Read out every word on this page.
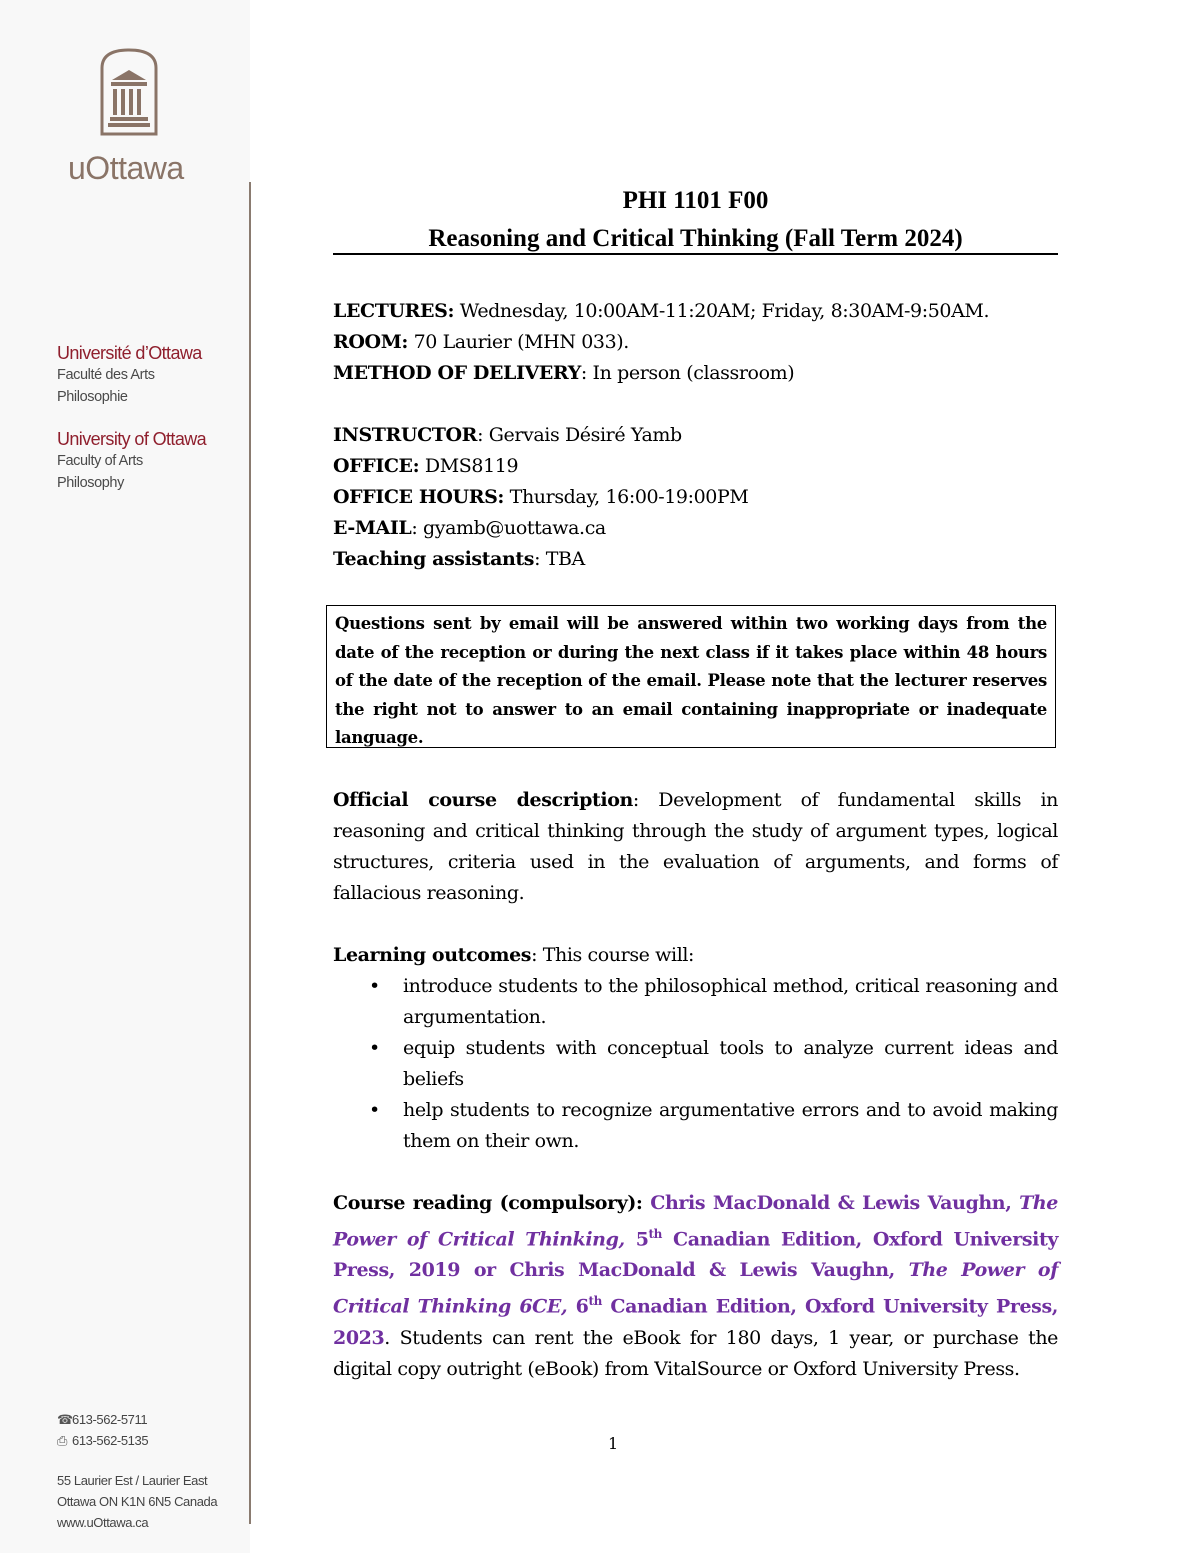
uOttawa
Université d’Ottawa
Faculté des Arts
Philosophie
University of Ottawa
Faculty of Arts
Philosophy
☎613-562-5711
⎙ 613-562-5135
55 Laurier Est / Laurier East
Ottawa ON K1N 6N5 Canada
www.uOttawa.ca
PHI 1101 F00
Reasoning and Critical Thinking (Fall Term 2024)
LECTURES: Wednesday, 10:00AM-11:20AM; Friday, 8:30AM-9:50AM.
ROOM: 70 Laurier (MHN 033).
METHOD OF DELIVERY: In person (classroom)
INSTRUCTOR: Gervais Désiré Yamb
OFFICE: DMS8119
OFFICE HOURS: Thursday, 16:00-19:00PM
E-MAIL: gyamb@uottawa.ca
Teaching assistants: TBA
Questions sent by email will be answered within two working days from the date of the reception or during the next class if it takes place within 48 hours of the date of the reception of the email. Please note that the lecturer reserves the right not to answer to an email containing inappropriate or inadequate language.
Official course description: Development of fundamental skills in reasoning and critical thinking through the study of argument types, logical structures, criteria used in the evaluation of arguments, and forms of fallacious reasoning.
Learning outcomes: This course will:
• introduce students to the philosophical method, critical reasoning and argumentation.
• equip students with conceptual tools to analyze current ideas and beliefs
• help students to recognize argumentative errors and to avoid making them on their own.
Course reading (compulsory): Chris MacDonald & Lewis Vaughn, The Power of Critical Thinking, 5th Canadian Edition, Oxford University Press, 2019 or Chris MacDonald & Lewis Vaughn, The Power of Critical Thinking 6CE, 6th Canadian Edition, Oxford University Press, 2023. Students can rent the eBook for 180 days, 1 year, or purchase the digital copy outright (eBook) from VitalSource or Oxford University Press.
1
